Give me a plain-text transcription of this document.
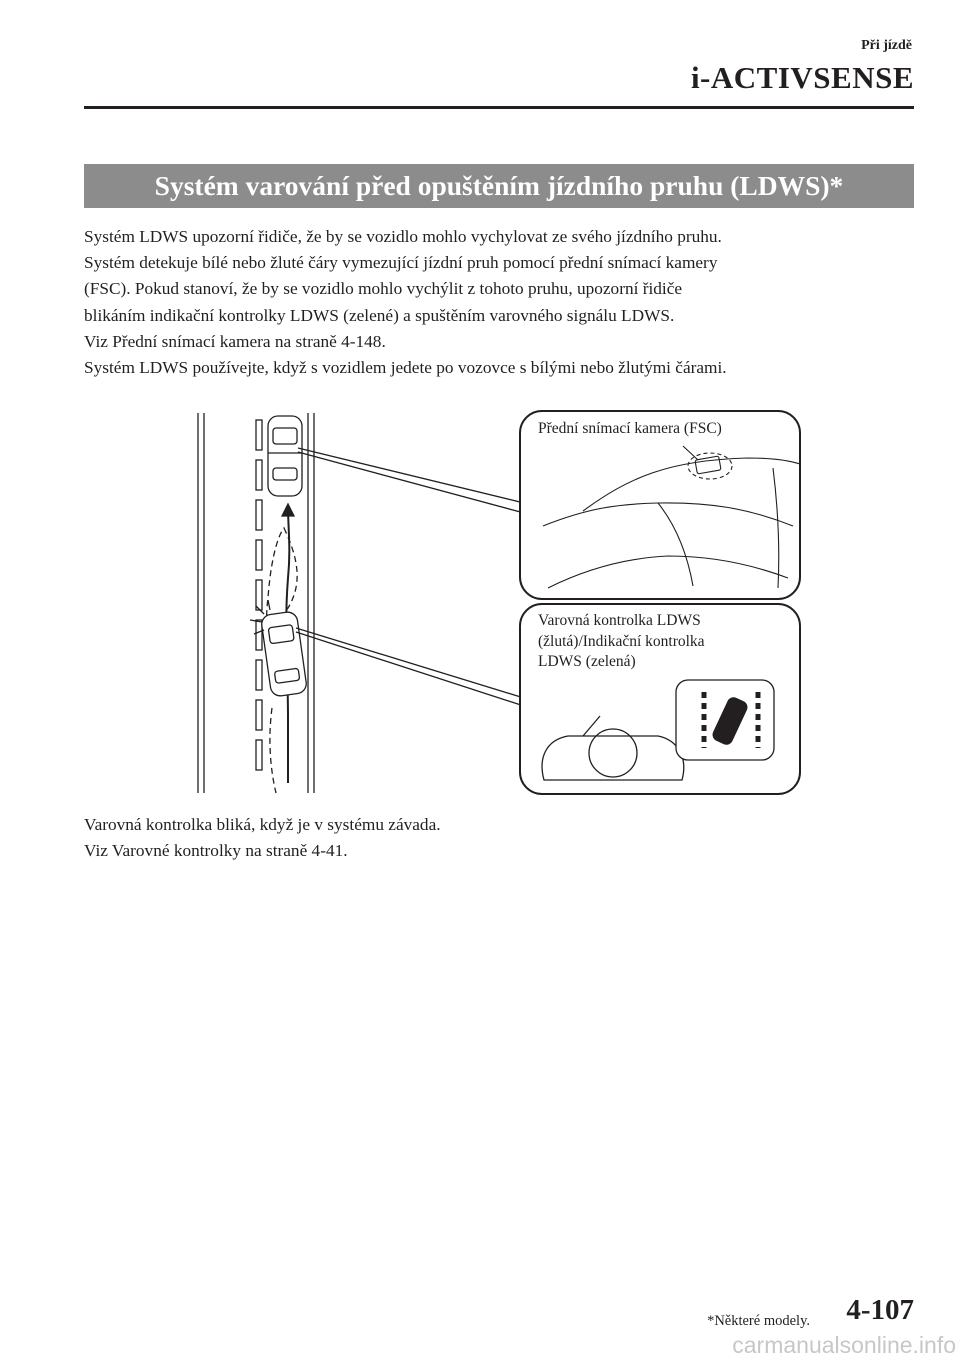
Při jízdě
i-ACTIVSENSE
Systém varování před opuštěním jízdního pruhu (LDWS)*

Systém LDWS upozorní řidiče, že by se vozidlo mohlo vychylovat ze svého jízdního pruhu.

Systém detekuje bílé nebo žluté čáry vymezující jízdní pruh pomocí přední snímací kamery

(FSC). Pokud stanoví, že by se vozidlo mohlo vychýlit z tohoto pruhu, upozorní řidiče

blikáním indikační kontrolky LDWS (zelené) a spuštěním varovného signálu LDWS.

Viz Přední snímací kamera na straně 4-148.

Systém LDWS používejte, když s vozidlem jedete po vozovce s bílými nebo žlutými čárami.

Přední snímací kamera (FSC)
Varovná kontrolka LDWS
(žlutá)/Indikační kontrolka
LDWS (zelená)

Varovná kontrolka bliká, když je v systému závada.

Viz Varovné kontrolky na straně 4-41.

*Některé modely. 4-107
carmanualsonline.info
